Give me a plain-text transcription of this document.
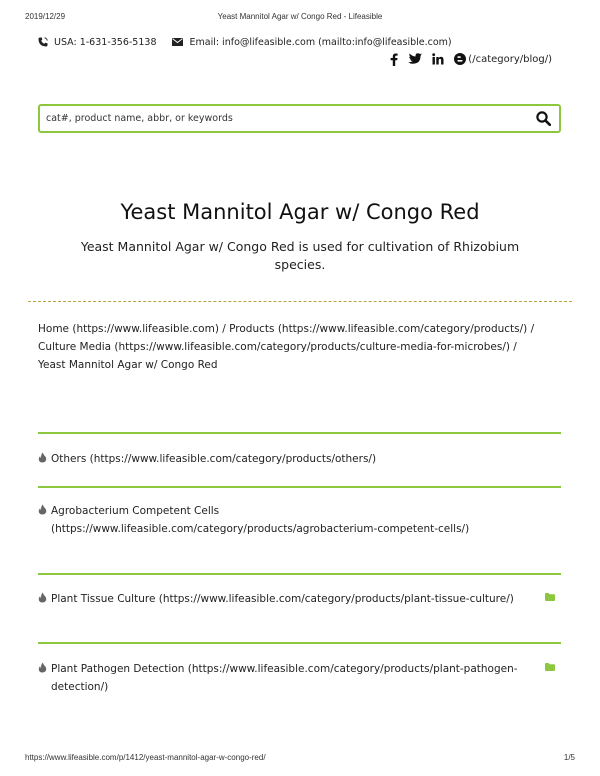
2019/12/29	Yeast Mannitol Agar w/ Congo Red - Lifeasible
USA: 1-631-356-5138	Email: info@lifeasible.com (mailto:info@lifeasible.com)
(/category/blog/)
cat#, product name, abbr, or keywords
Yeast Mannitol Agar w/ Congo Red
Yeast Mannitol Agar w/ Congo Red is used for cultivation of Rhizobium species.
Home (https://www.lifeasible.com) / Products (https://www.lifeasible.com/category/products/) / Culture Media (https://www.lifeasible.com/category/products/culture-media-for-microbes/) / Yeast Mannitol Agar w/ Congo Red
Others (https://www.lifeasible.com/category/products/others/)
Agrobacterium Competent Cells (https://www.lifeasible.com/category/products/agrobacterium-competent-cells/)
Plant Tissue Culture (https://www.lifeasible.com/category/products/plant-tissue-culture/)
Plant Pathogen Detection (https://www.lifeasible.com/category/products/plant-pathogen-detection/)
https://www.lifeasible.com/p/1412/yeast-mannitol-agar-w-congo-red/	1/5
